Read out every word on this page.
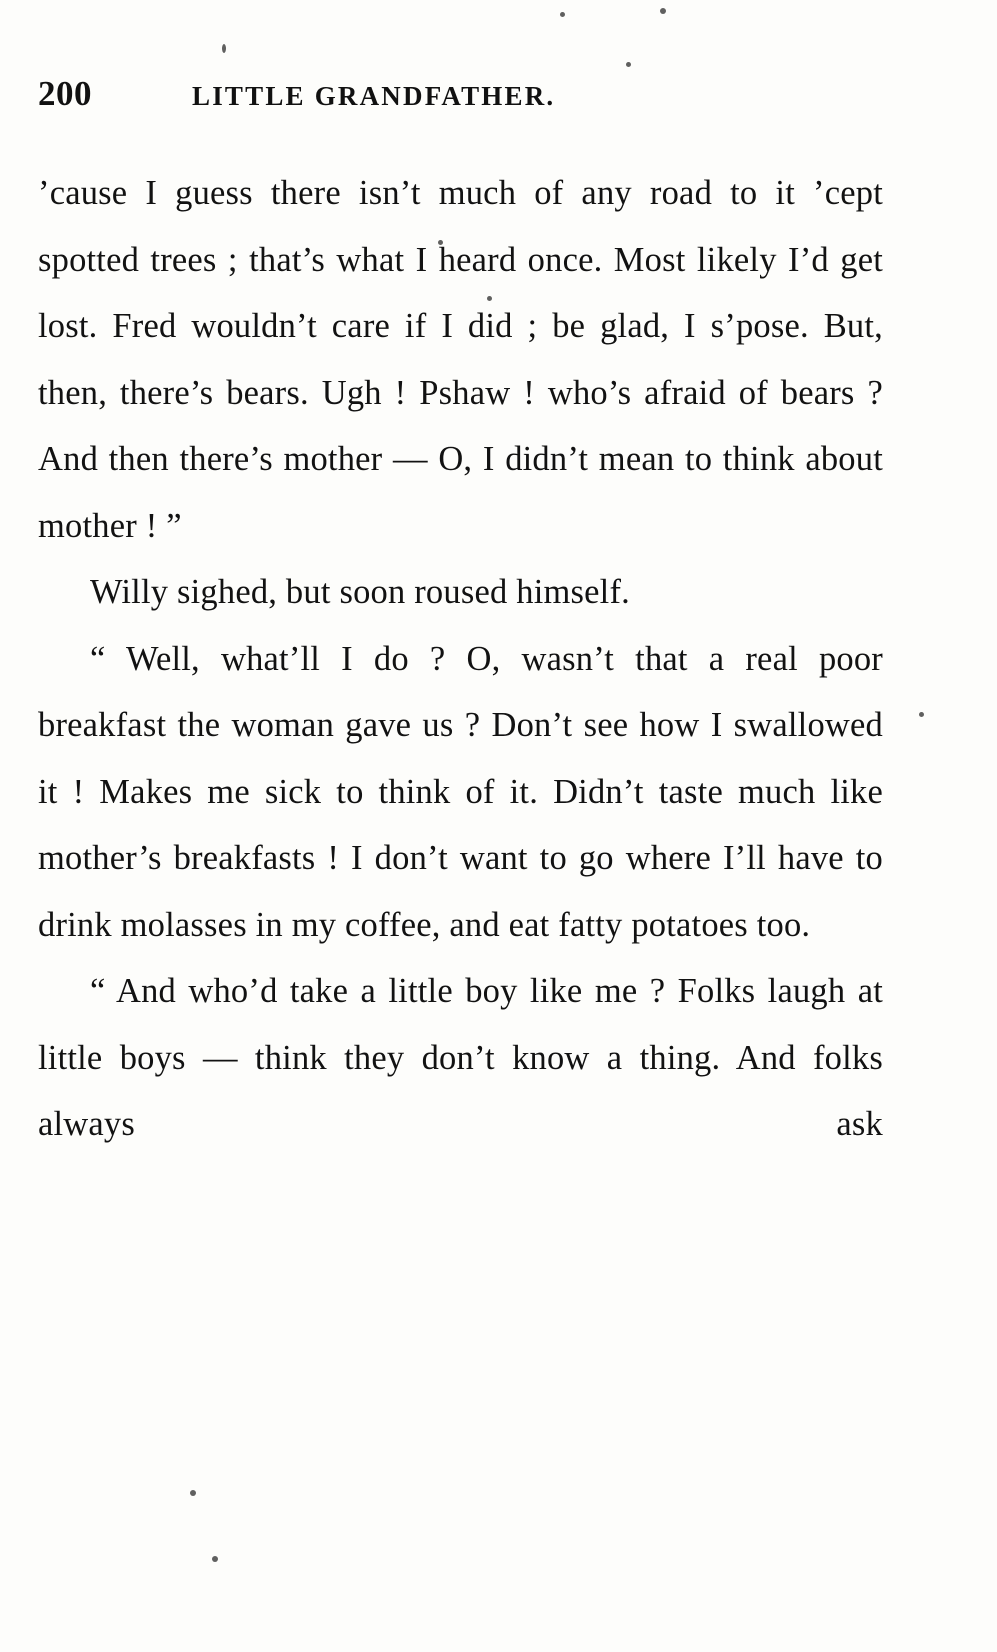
200	LITTLE GRANDFATHER.

’cause I guess there isn’t much of any road to it ’cept spotted trees ; that’s what I heard once. Most likely I’d get lost. Fred wouldn’t care if I did ; be glad, I s’pose. But, then, there’s bears. Ugh ! Pshaw ! who’s afraid of bears ? And then there’s mother — O, I didn’t mean to think about mother ! ”

Willy sighed, but soon roused himself.

“ Well, what’ll I do ? O, wasn’t that a real poor breakfast the woman gave us ? Don’t see how I swallowed it ! Makes me sick to think of it. Didn’t taste much like mother’s breakfasts ! I don’t want to go where I’ll have to drink molasses in my coffee, and eat fatty potatoes too.

“ And who’d take a little boy like me ? Folks laugh at little boys — think they don’t know a thing. And folks always ask
